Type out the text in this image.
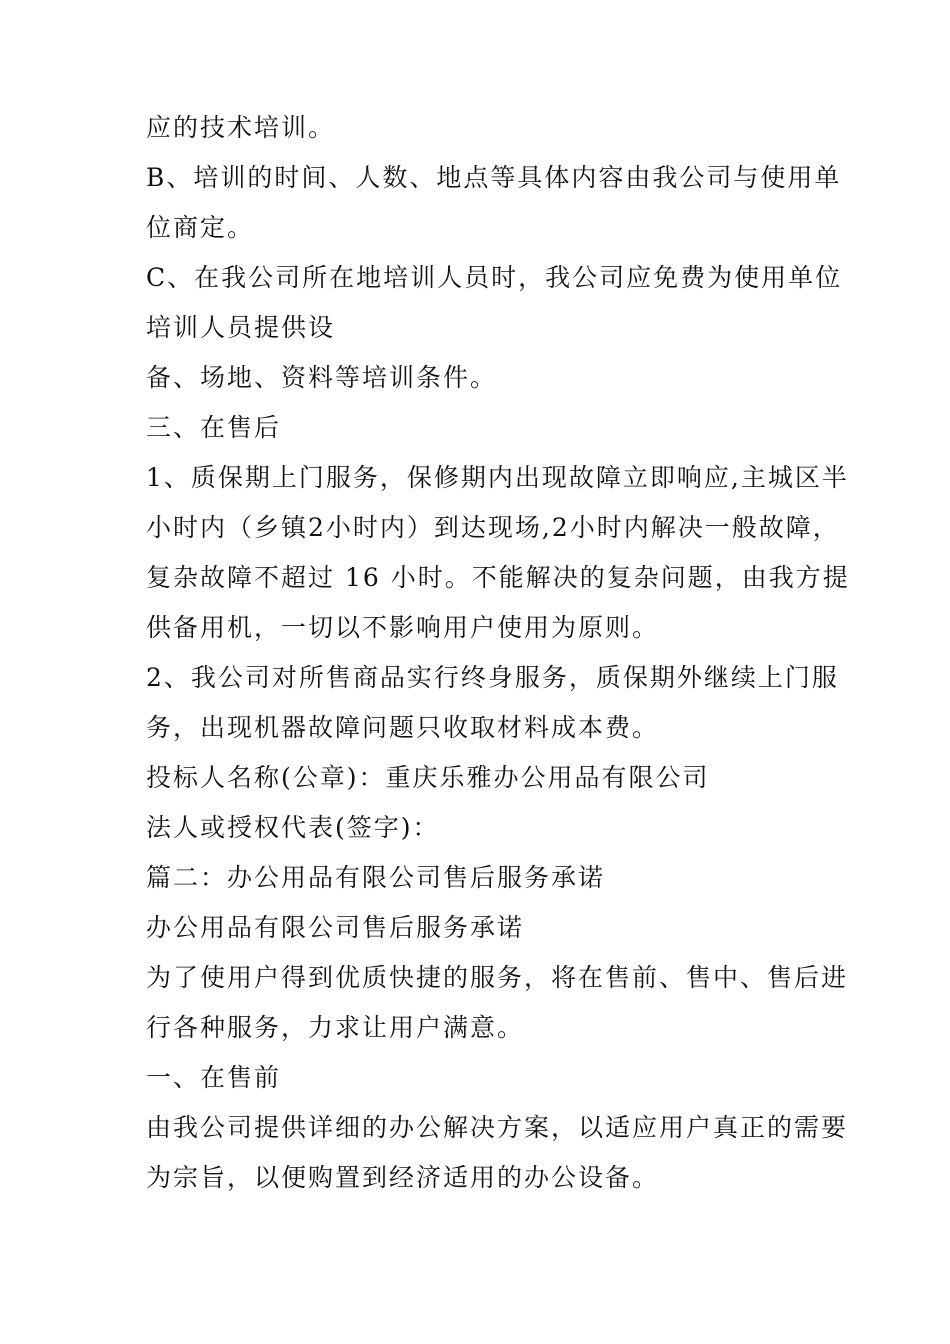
应的技术培训。
B、培训的时间、人数、地点等具体内容由我公司与使用单
位商定。
C、在我公司所在地培训人员时，我公司应免费为使用单位
培训人员提供设
备、场地、资料等培训条件。
三、在售后
1、质保期上门服务，保修期内出现故障立即响应,主城区半
小时内（乡镇2小时内）到达现场,2小时内解决一般故障，
复杂故障不超过 16 小时。不能解决的复杂问题，由我方提
供备用机，一切以不影响用户使用为原则。
2、我公司对所售商品实行终身服务，质保期外继续上门服
务，出现机器故障问题只收取材料成本费。
投标人名称(公章)：重庆乐雅办公用品有限公司
法人或授权代表(签字)：
篇二：办公用品有限公司售后服务承诺
办公用品有限公司售后服务承诺
为了使用户得到优质快捷的服务，将在售前、售中、售后进
行各种服务，力求让用户满意。
一、在售前
由我公司提供详细的办公解决方案，以适应用户真正的需要
为宗旨，以便购置到经济适用的办公设备。
